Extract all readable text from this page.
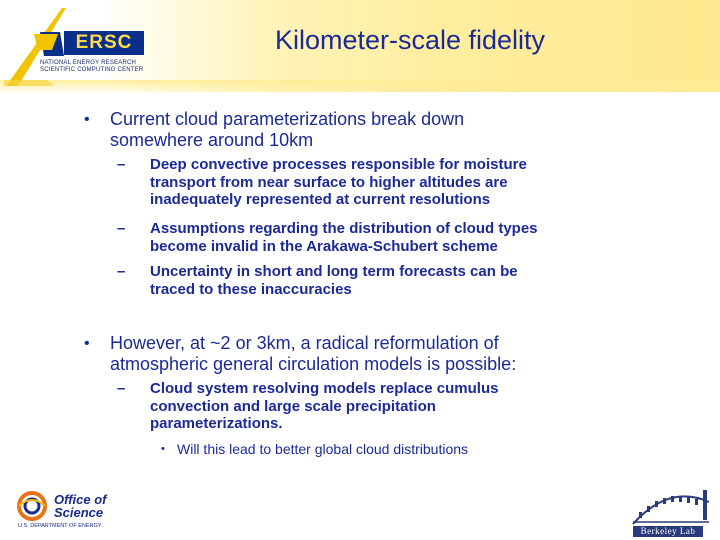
ERSC
NATIONAL ENERGY RESEARCH
SCIENTIFIC COMPUTING CENTER
Kilometer-scale fidelity
• Current cloud parameterizations break down
somewhere around 10km
– Deep convective processes responsible for moisture
transport from near surface to higher altitudes are
inadequately represented at current resolutions
– Assumptions regarding the distribution of cloud types
become invalid in the Arakawa-Schubert scheme
– Uncertainty in short and long term forecasts can be
traced to these inaccuracies
• However, at ~2 or 3km, a radical reformulation of
atmospheric general circulation models is possible:
– Cloud system resolving models replace cumulus
convection and large scale precipitation
parameterizations.
• Will this lead to better global cloud distributions
Office of
Science
U.S. DEPARTMENT OF ENERGY	Berkeley Lab
